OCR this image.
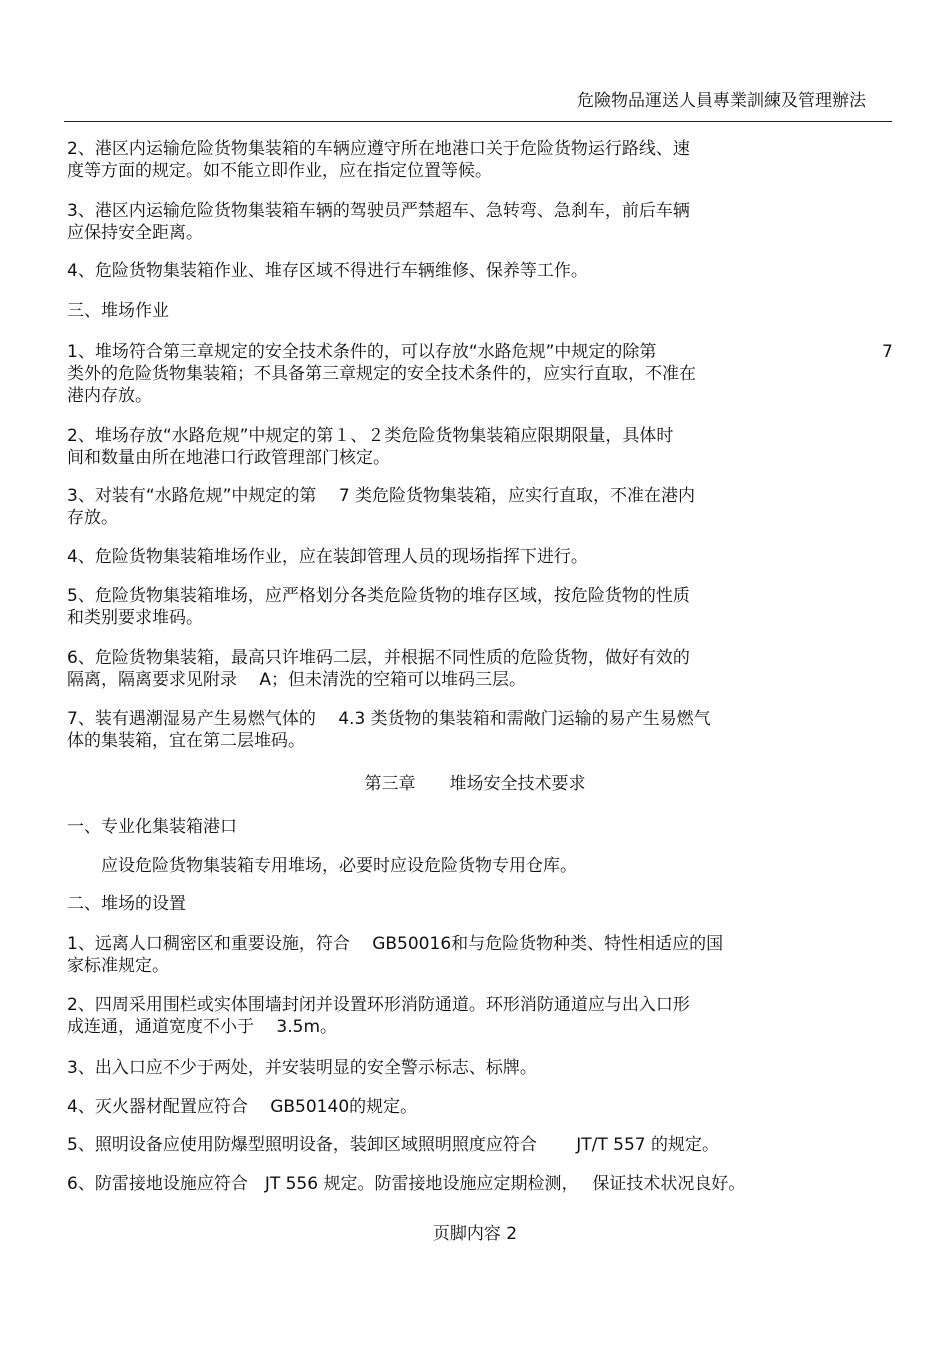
危險物品運送人員專業訓練及管理辦法
2、港区内运输危险货物集装箱的车辆应遵守所在地港口关于危险货物运行路线、速
度等方面的规定。如不能立即作业，应在指定位置等候。
3、港区内运输危险货物集装箱车辆的驾驶员严禁超车、急转弯、急刹车，前后车辆
应保持安全距离。
4、危险货物集装箱作业、堆存区域不得进行车辆维修、保养等工作。
三、堆场作业
1、堆场符合第三章规定的安全技术条件的，可以存放“水路危规”中规定的除第
类外的危险货物集装箱；不具备第三章规定的安全技术条件的，应实行直取，不准在
港内存放。
7
2、堆场存放“水路危规”中规定的第１、２类危险货物集装箱应限期限量，具体时
间和数量由所在地港口行政管理部门核定。
3、对装有“水路危规”中规定的第　 7 类危险货物集装箱，应实行直取，不准在港内
存放。
4、危险货物集装箱堆场作业，应在装卸管理人员的现场指挥下进行。
5、危险货物集装箱堆场，应严格划分各类危险货物的堆存区域，按危险货物的性质
和类别要求堆码。
6、危险货物集装箱，最高只许堆码二层，并根据不同性质的危险货物，做好有效的
隔离，隔离要求见附录　 A；但未清洗的空箱可以堆码三层。
7、装有遇潮湿易产生易燃气体的　 4.3 类货物的集装箱和需敞门运输的易产生易燃气
体的集装箱，宜在第二层堆码。
第三章　　堆场安全技术要求
一、专业化集装箱港口
　　应设危险货物集装箱专用堆场，必要时应设危险货物专用仓库。
二、堆场的设置
1、远离人口稠密区和重要设施，符合　 GB50016和与危险货物种类、特性相适应的国
家标准规定。
2、四周采用围栏或实体围墙封闭并设置环形消防通道。环形消防通道应与出入口形
成连通，通道宽度不小于　 3.5m。
3、出入口应不少于两处，并安装明显的安全警示标志、标牌。
4、灭火器材配置应符合　 GB50140的规定。
5、照明设备应使用防爆型照明设备，装卸区域照明照度应符合　　 JT/T 557 的规定。
6、防雷接地设施应符合　JT 556 规定。防雷接地设施应定期检测，　 保证技术状况良好。
页脚内容 2
